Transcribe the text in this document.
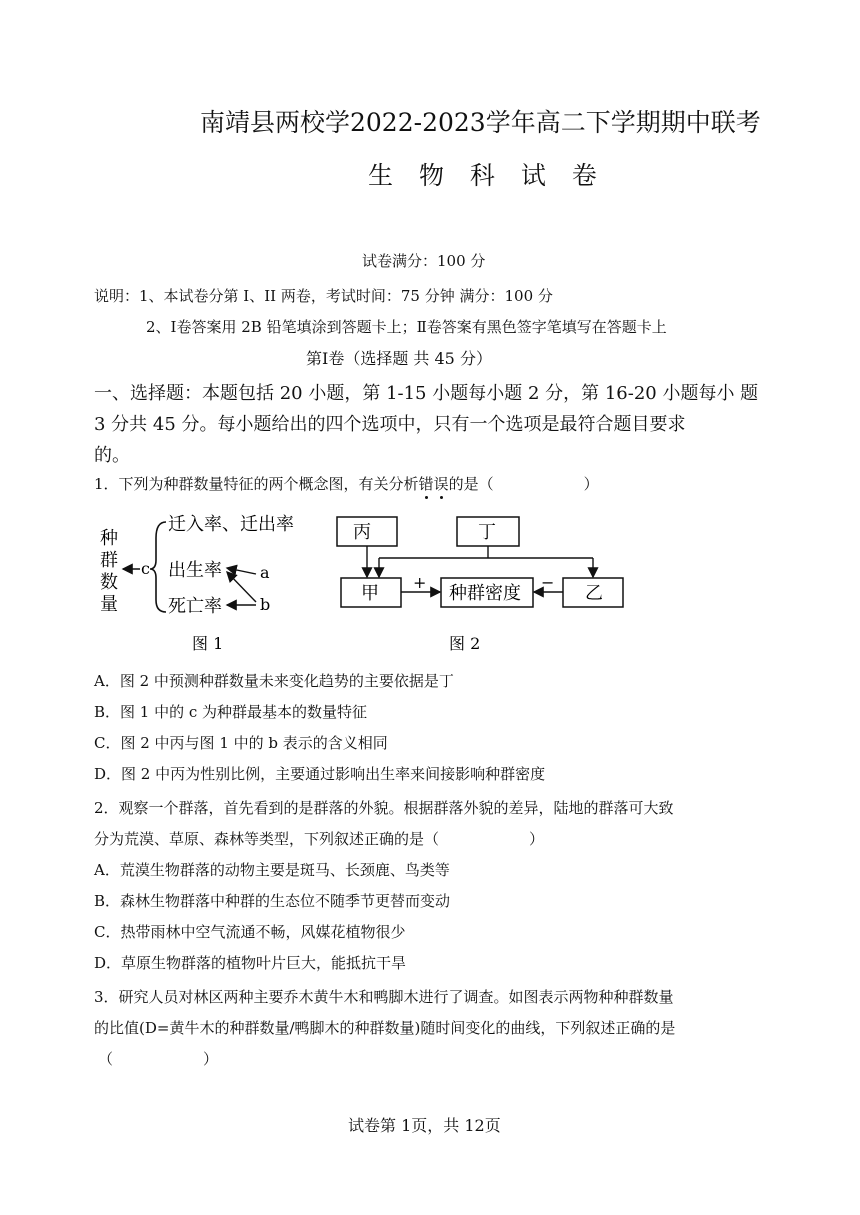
南靖县两校学2022-2023学年高二下学期期中联考
生 物 科 试 卷
试卷满分：100 分
说明：1、本试卷分第 I、II 两卷，考试时间：75 分钟 满分：100 分
2、Ⅰ卷答案用 2B 铅笔填涂到答题卡上；Ⅱ卷答案有黑色签字笔填写在答题卡上
第Ⅰ卷（选择题 共 45 分）
一、选择题：本题包括 20 小题，第 1-15 小题每小题 2 分，第 16-20 小题每小 题
3 分共 45 分。每小题给出的四个选项中，只有一个选项是最符合题目要求
的。
1．下列为种群数量特征的两个概念图，有关分析错误的是（	）
种
群
数
量
c
迁入率、迁出率
出生率
死亡率
a
b
图 1
丙	丁
甲	种群密度	乙
+	−
图 2
A．图 2 中预测种群数量未来变化趋势的主要依据是丁
B．图 1 中的 c 为种群最基本的数量特征
C．图 2 中丙与图 1 中的 b 表示的含义相同
D．图 2 中丙为性别比例，主要通过影响出生率来间接影响种群密度
2．观察一个群落，首先看到的是群落的外貌。根据群落外貌的差异，陆地的群落可大致
分为荒漠、草原、森林等类型，下列叙述正确的是（	）
A．荒漠生物群落的动物主要是斑马、长颈鹿、鸟类等
B．森林生物群落中种群的生态位不随季节更替而变动
C．热带雨林中空气流通不畅，风媒花植物很少
D．草原生物群落的植物叶片巨大，能抵抗干旱
3．研究人员对林区两种主要乔木黄牛木和鸭脚木进行了调查。如图表示两物种种群数量
的比值(D=黄牛木的种群数量/鸭脚木的种群数量)随时间变化的曲线，下列叙述正确的是
（	）
试卷第 1页，共 12页
